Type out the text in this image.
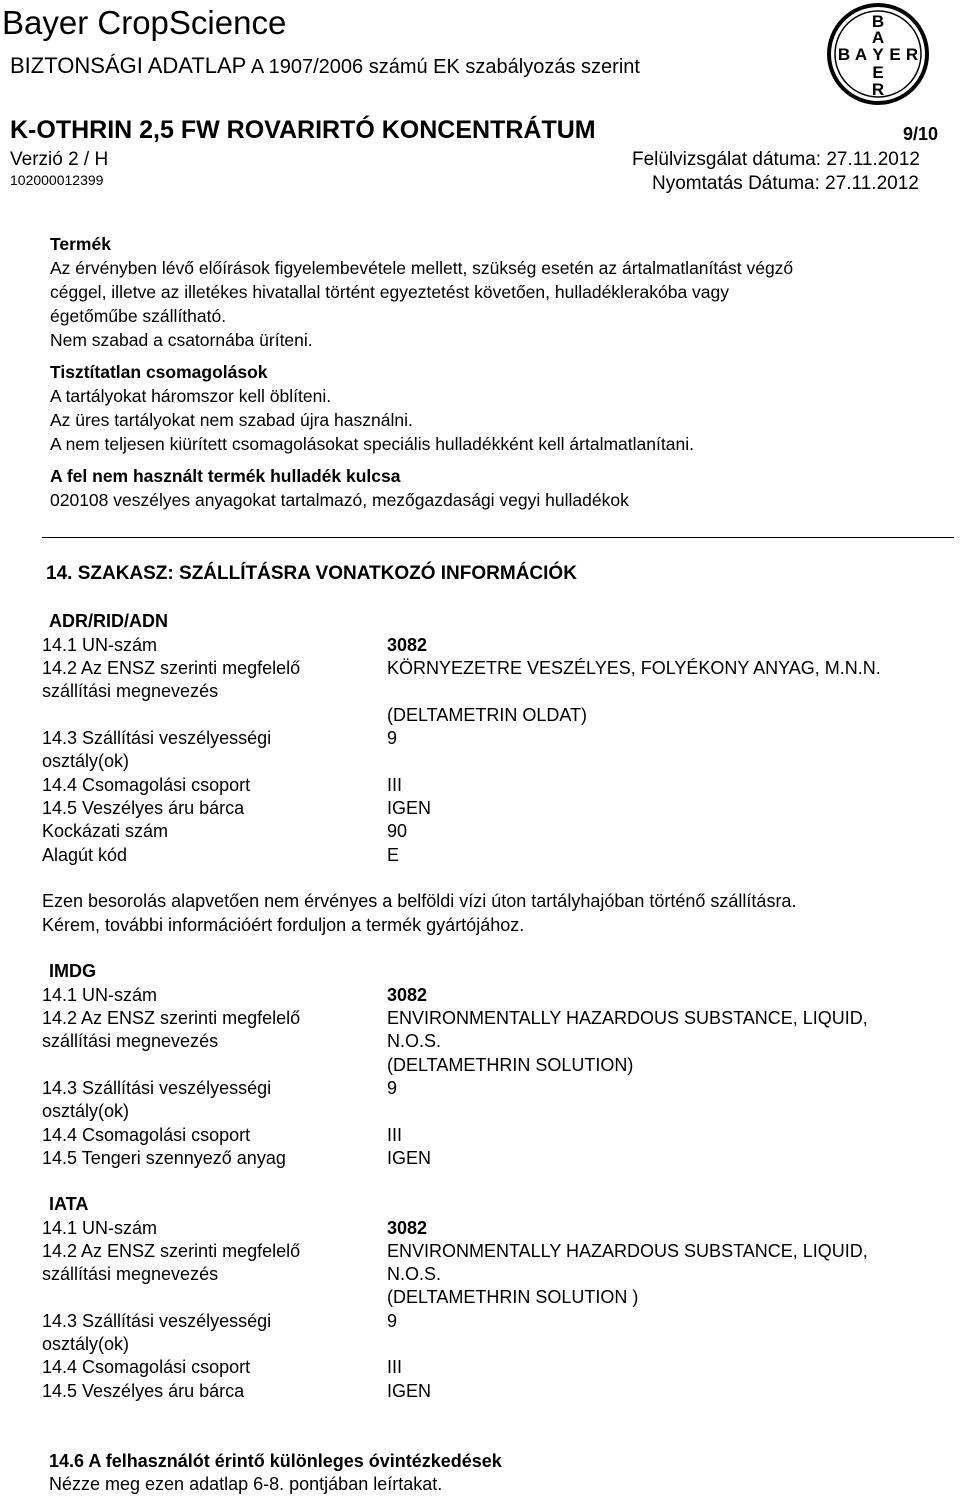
Bayer CropScience
BIZTONSÁGI ADATLAP A 1907/2006 számú EK szabályozás szerint
B
A
B A Y E R
E
R
K-OTHRIN 2,5 FW ROVARIRTÓ KONCENTRÁTUM	9/10
Verzió 2 / H	Felülvizsgálat dátuma: 27.11.2012
102000012399	Nyomtatás Dátuma: 27.11.2012
Termék
Az érvényben lévő előírások figyelembevétele mellett, szükség esetén az ártalmatlanítást végző
céggel, illetve az illetékes hivatallal történt egyeztetést követően, hulladéklerakóba vagy
égetőműbe szállítható.
Nem szabad a csatornába üríteni.
Tisztítatlan csomagolások
A tartályokat háromszor kell öblíteni.
Az üres tartályokat nem szabad újra használni.
A nem teljesen kiürített csomagolásokat speciális hulladékként kell ártalmatlanítani.
A fel nem használt termék hulladék kulcsa
020108 veszélyes anyagokat tartalmazó, mezőgazdasági vegyi hulladékok
14. SZAKASZ: SZÁLLÍTÁSRA VONATKOZÓ INFORMÁCIÓK
ADR/RID/ADN
14.1 UN-szám	3082
14.2 Az ENSZ szerinti megfelelő	KÖRNYEZETRE VESZÉLYES, FOLYÉKONY ANYAG, M.N.N.
szállítási megnevezés
(DELTAMETRIN OLDAT)
14.3 Szállítási veszélyességi	9
osztály(ok)
14.4 Csomagolási csoport	III
14.5 Veszélyes áru bárca	IGEN
Kockázati szám	90
Alagút kód	E
Ezen besorolás alapvetően nem érvényes a belföldi vízi úton tartályhajóban történő szállításra.
Kérem, további információért forduljon a termék gyártójához.
IMDG
14.1 UN-szám	3082
14.2 Az ENSZ szerinti megfelelő	ENVIRONMENTALLY HAZARDOUS SUBSTANCE, LIQUID,
szállítási megnevezés	N.O.S.
(DELTAMETHRIN SOLUTION)
14.3 Szállítási veszélyességi	9
osztály(ok)
14.4 Csomagolási csoport	III
14.5 Tengeri szennyező anyag	IGEN
IATA
14.1 UN-szám	3082
14.2 Az ENSZ szerinti megfelelő	ENVIRONMENTALLY HAZARDOUS SUBSTANCE, LIQUID,
szállítási megnevezés	N.O.S.
(DELTAMETHRIN SOLUTION )
14.3 Szállítási veszélyességi	9
osztály(ok)
14.4 Csomagolási csoport	III
14.5 Veszélyes áru bárca	IGEN
14.6 A felhasználót érintő különleges óvintézkedések
Nézze meg ezen adatlap 6-8. pontjában leírtakat.
